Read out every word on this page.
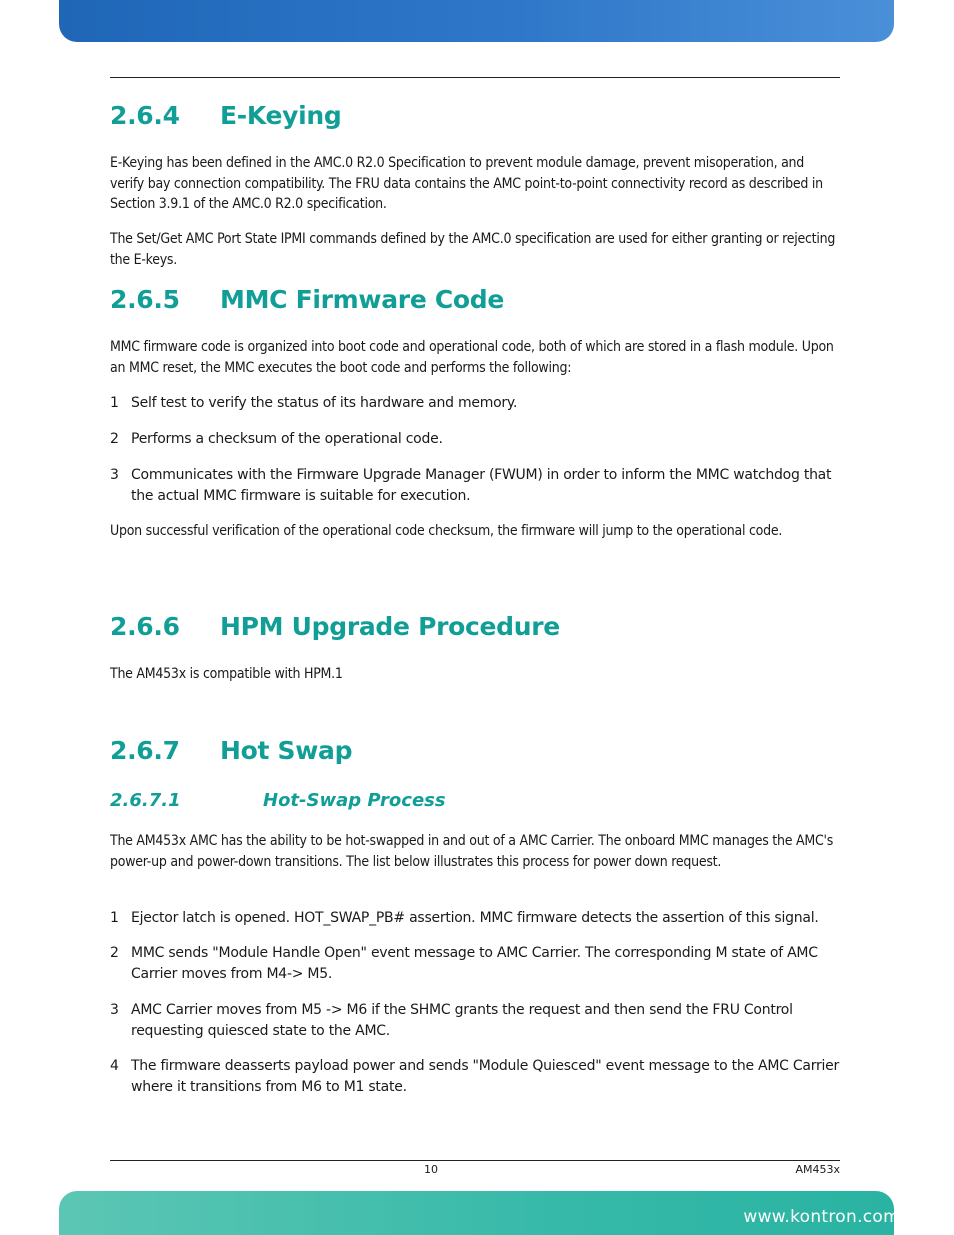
2.6.4 E-Keying

E-Keying has been defined in the AMC.0 R2.0 Specification to prevent module damage, prevent misoperation, and verify bay connection compatibility. The FRU data contains the AMC point-to-point connectivity record as described in Section 3.9.1 of the AMC.0 R2.0 specification.

The Set/Get AMC Port State IPMI commands defined by the AMC.0 specification are used for either granting or rejecting the E-keys.

2.6.5 MMC Firmware Code

MMC firmware code is organized into boot code and operational code, both of which are stored in a flash module. Upon an MMC reset, the MMC executes the boot code and performs the following:

1 Self test to verify the status of its hardware and memory.
2 Performs a checksum of the operational code.
3 Communicates with the Firmware Upgrade Manager (FWUM) in order to inform the MMC watchdog that the actual MMC firmware is suitable for execution.

Upon successful verification of the operational code checksum, the firmware will jump to the operational code.

2.6.6 HPM Upgrade Procedure

The AM453x is compatible with HPM.1

2.6.7 Hot Swap
2.6.7.1	Hot-Swap Process

The AM453x AMC has the ability to be hot-swapped in and out of a AMC Carrier. The onboard MMC manages the AMC's power-up and power-down transitions. The list below illustrates this process for power down request.

1 Ejector latch is opened. HOT_SWAP_PB# assertion. MMC firmware detects the assertion of this signal.
2 MMC sends "Module Handle Open" event message to AMC Carrier. The corresponding M state of AMC Carrier moves from M4-> M5.
3 AMC Carrier moves from M5 -> M6 if the SHMC grants the request and then send the FRU Control requesting quiesced state to the AMC.
4 The firmware deasserts payload power and sends "Module Quiesced" event message to the AMC Carrier where it transitions from M6 to M1 state.
10	AM453x
www.kontron.com
